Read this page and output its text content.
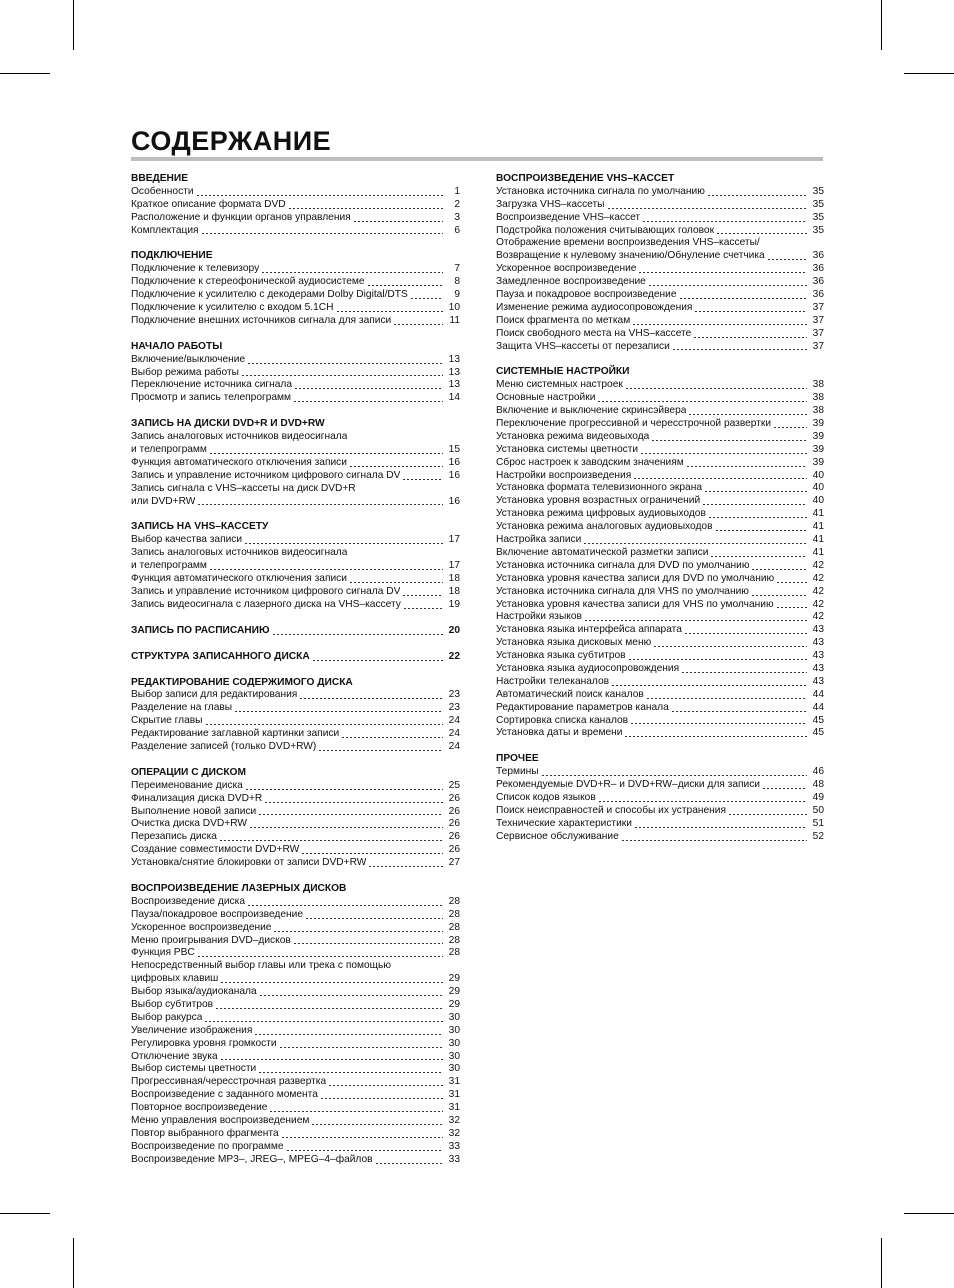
СОДЕРЖАНИЕ
ВВЕДЕНИЕ
Особенности	1
Краткое описание формата DVD	2
Расположение и функции органов управления	3
Комплектация	6
ПОДКЛЮЧЕНИЕ
Подключение к телевизору	7
Подключение к стереофонической аудиосистеме	8
Подключение к усилителю с декодерами Dolby Digital/DTS	9
Подключение к усилителю с входом 5.1CH	10
Подключение внешних источников сигнала для записи	11
НАЧАЛО РАБОТЫ
Включение/выключение	13
Выбор режима работы	13
Переключение источника сигнала	13
Просмотр и запись телепрограмм	14
ЗАПИСЬ НА ДИСКИ DVD+R И DVD+RW
Запись аналоговых источников видеосигнала
и телепрограмм	15
Функция автоматического отключения записи	16
Запись и управление источником цифрового сигнала DV	16
Запись сигнала с VHS–кассеты на диск DVD+R
или DVD+RW	16
ЗАПИСЬ НА VHS–КАССЕТУ
Выбор качества записи	17
Запись аналоговых источников видеосигнала
и телепрограмм	17
Функция автоматического отключения записи	18
Запись и управление источником цифрового сигнала DV	18
Запись видеосигнала с лазерного диска на VHS–кассету	19
ЗАПИСЬ ПО РАСПИСАНИЮ	20
СТРУКТУРА ЗАПИСАННОГО ДИСКА	22
РЕДАКТИРОВАНИЕ СОДЕРЖИМОГО ДИСКА
Выбор записи для редактирования	23
Разделение на главы	23
Скрытие главы	24
Редактирование заглавной картинки записи	24
Разделение записей (только DVD+RW)	24
ОПЕРАЦИИ С ДИСКОМ
Переименование диска	25
Финализация диска DVD+R	26
Выполнение новой записи	26
Очистка диска DVD+RW	26
Перезапись диска	26
Создание совместимости DVD+RW	26
Установка/снятие блокировки от записи DVD+RW	27
ВОСПРОИЗВЕДЕНИЕ ЛАЗЕРНЫХ ДИСКОВ
Воспроизведение диска	28
Пауза/покадровое воспроизведение	28
Ускоренное воспроизведение	28
Меню проигрывания DVD–дисков	28
Функция PBC	28
Непосредственный выбор главы или трека с помощью
цифровых клавиш	29
Выбор языка/аудиоканала	29
Выбор субтитров	29
Выбор ракурса	30
Увеличение изображения	30
Регулировка уровня громкости	30
Отключение звука	30
Выбор системы цветности	30
Прогрессивная/чересстрочная развертка	31
Воспроизведение с заданного момента	31
Повторное воспроизведение	31
Меню управления воспроизведением	32
Повтор выбранного фрагмента	32
Воспроизведение по программе	33
Воспроизведение MP3–, JREG–, MPEG–4–файлов	33
ВОСПРОИЗВЕДЕНИЕ VHS–КАССЕТ
Установка источника сигнала по умолчанию	35
Загрузка VHS–кассеты	35
Воспроизведение VHS–кассет	35
Подстройка положения считывающих головок	35
Отображение времени воспроизведения VHS–кассеты/
Возвращение к нулевому значению/Обнуление счетчика	36
Ускоренное воспроизведение	36
Замедленное воспроизведение	36
Пауза и покадровое воспроизведение	36
Изменение режима аудиосопровождения	37
Поиск фрагмента по меткам	37
Поиск свободного места на VHS–кассете	37
Защита VHS–кассеты от перезаписи	37
СИСТЕМНЫЕ НАСТРОЙКИ
Меню системных настроек	38
Основные настройки	38
Включение и выключение скринсэйвера	38
Переключение прогрессивной и чересстрочной развертки	39
Установка режима видеовыхода	39
Установка системы цветности	39
Сброс настроек к заводским значениям	39
Настройки воспроизведения	40
Установка формата телевизионного экрана	40
Установка уровня возрастных ограничений	40
Установка режима цифровых аудиовыходов	41
Установка режима аналоговых аудиовыходов	41
Настройка записи	41
Включение автоматической разметки записи	41
Установка источника сигнала для DVD по умолчанию	42
Установка уровня качества записи для DVD по умолчанию	42
Установка источника сигнала для VHS по умолчанию	42
Установка уровня качества записи для VHS по умолчанию	42
Настройки языков	42
Установка языка интерфейса аппарата	43
Установка языка дисковых меню	43
Установка языка субтитров	43
Установка языка аудиосопровождения	43
Настройки телеканалов	43
Автоматический поиск каналов	44
Редактирование параметров канала	44
Сортировка списка каналов	45
Установка даты и времени	45
ПРОЧЕЕ
Термины	46
Рекомендуемые DVD+R– и DVD+RW–диски для записи	48
Список кодов языков	49
Поиск неисправностей и способы их устранения	50
Технические характеристики	51
Сервисное обслуживание	52
